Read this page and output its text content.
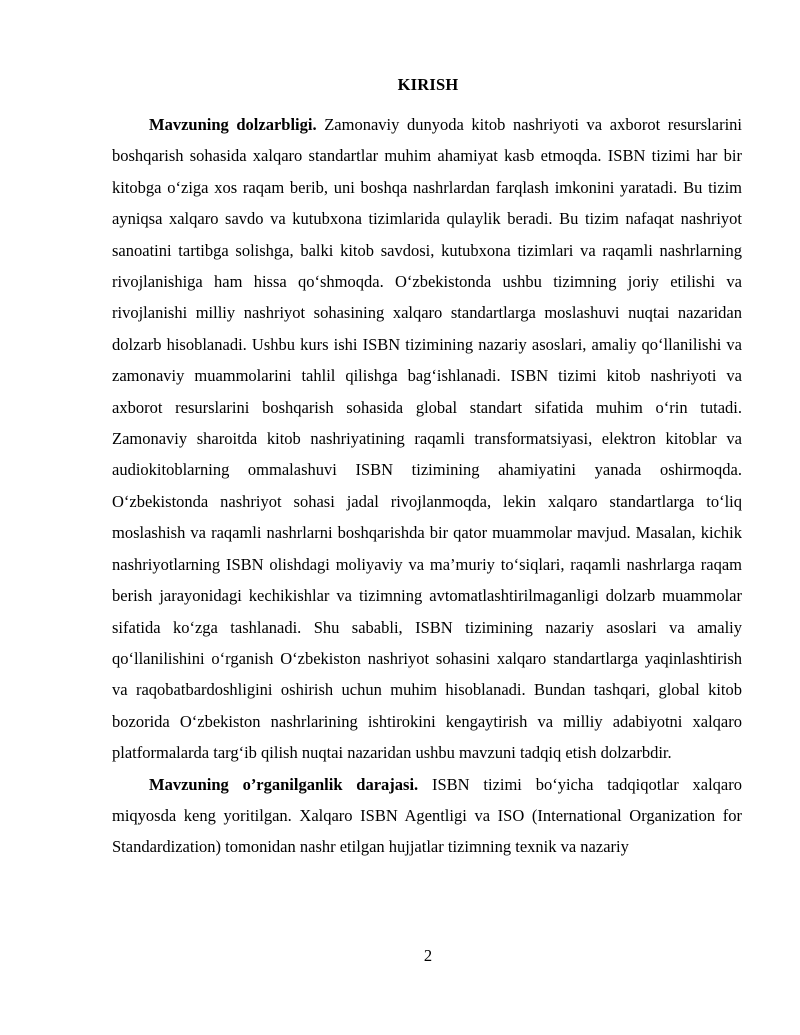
KIRISH

Mavzuning dolzarbligi. Zamonaviy dunyoda kitob nashriyoti va axborot resurslarini boshqarish sohasida xalqaro standartlar muhim ahamiyat kasb etmoqda. ISBN tizimi har bir kitobga o‘ziga xos raqam berib, uni boshqa nashrlardan farqlash imkonini yaratadi. Bu tizim ayniqsa xalqaro savdo va kutubxona tizimlarida qulaylik beradi. Bu tizim nafaqat nashriyot sanoatini tartibga solishga, balki kitob savdosi, kutubxona tizimlari va raqamli nashrlarning rivojlanishiga ham hissa qo‘shmoqda. O‘zbekistonda ushbu tizimning joriy etilishi va rivojlanishi milliy nashriyot sohasining xalqaro standartlarga moslashuvi nuqtai nazaridan dolzarb hisoblanadi. Ushbu kurs ishi ISBN tizimining nazariy asoslari, amaliy qo‘llanilishi va zamonaviy muammolarini tahlil qilishga bag‘ishlanadi. ISBN tizimi kitob nashriyoti va axborot resurslarini boshqarish sohasida global standart sifatida muhim o‘rin tutadi. Zamonaviy sharoitda kitob nashriyatining raqamli transformatsiyasi, elektron kitoblar va audiokitoblarning ommalashuvi ISBN tizimining ahamiyatini yanada oshirmoqda. O‘zbekistonda nashriyot sohasi jadal rivojlanmoqda, lekin xalqaro standartlarga to‘liq moslashish va raqamli nashrlarni boshqarishda bir qator muammolar mavjud. Masalan, kichik nashriyotlarning ISBN olishdagi moliyaviy va ma’muriy to‘siqlari, raqamli nashrlarga raqam berish jarayonidagi kechikishlar va tizimning avtomatlashtirilmaganligi dolzarb muammolar sifatida ko‘zga tashlanadi. Shu sababli, ISBN tizimining nazariy asoslari va amaliy qo‘llanilishini o‘rganish O‘zbekiston nashriyot sohasini xalqaro standartlarga yaqinlashtirish va raqobatbardoshligini oshirish uchun muhim hisoblanadi. Bundan tashqari, global kitob bozorida O‘zbekiston nashrlarining ishtirokini kengaytirish va milliy adabiyotni xalqaro platformalarda targ‘ib qilish nuqtai nazaridan ushbu mavzuni tadqiq etish dolzarbdir.

Mavzuning o’rganilganlik darajasi. ISBN tizimi bo‘yicha tadqiqotlar xalqaro miqyosda keng yoritilgan. Xalqaro ISBN Agentligi va ISO (International Organization for Standardization) tomonidan nashr etilgan hujjatlar tizimning texnik va nazariy

2
